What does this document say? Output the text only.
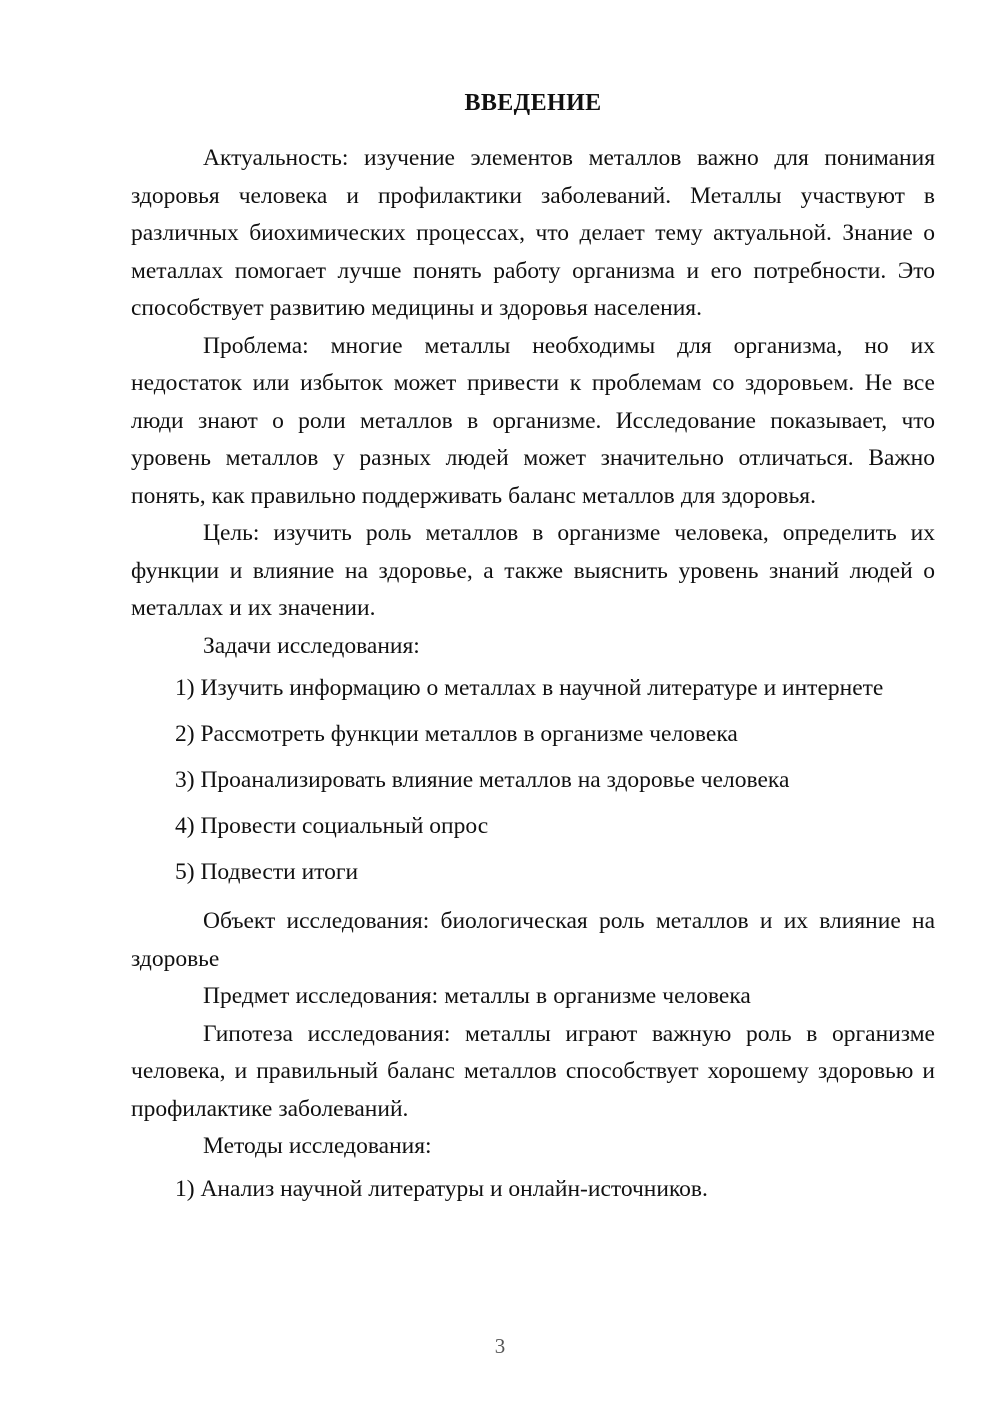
ВВЕДЕНИЕ

Актуальность: изучение элементов металлов важно для понимания здоровья человека и профилактики заболеваний. Металлы участвуют в различных биохимических процессах, что делает тему актуальной. Знание о металлах помогает лучше понять работу организма и его потребности. Это способствует развитию медицины и здоровья населения.

Проблема: многие металлы необходимы для организма, но их недостаток или избыток может привести к проблемам со здоровьем. Не все люди знают о роли металлов в организме. Исследование показывает, что уровень металлов у разных людей может значительно отличаться. Важно понять, как правильно поддерживать баланс металлов для здоровья.

Цель: изучить роль металлов в организме человека, определить их функции и влияние на здоровье, а также выяснить уровень знаний людей о металлах и их значении.

Задачи исследования:

1) Изучить информацию о металлах в научной литературе и интернете
2) Рассмотреть функции металлов в организме человека
3) Проанализировать влияние металлов на здоровье человека
4) Провести социальный опрос
5) Подвести итоги

Объект исследования: биологическая роль металлов и их влияние на здоровье

Предмет исследования: металлы в организме человека

Гипотеза исследования: металлы играют важную роль в организме человека, и правильный баланс металлов способствует хорошему здоровью и профилактике заболеваний.

Методы исследования:

1) Анализ научной литературы и онлайн-источников.
3
